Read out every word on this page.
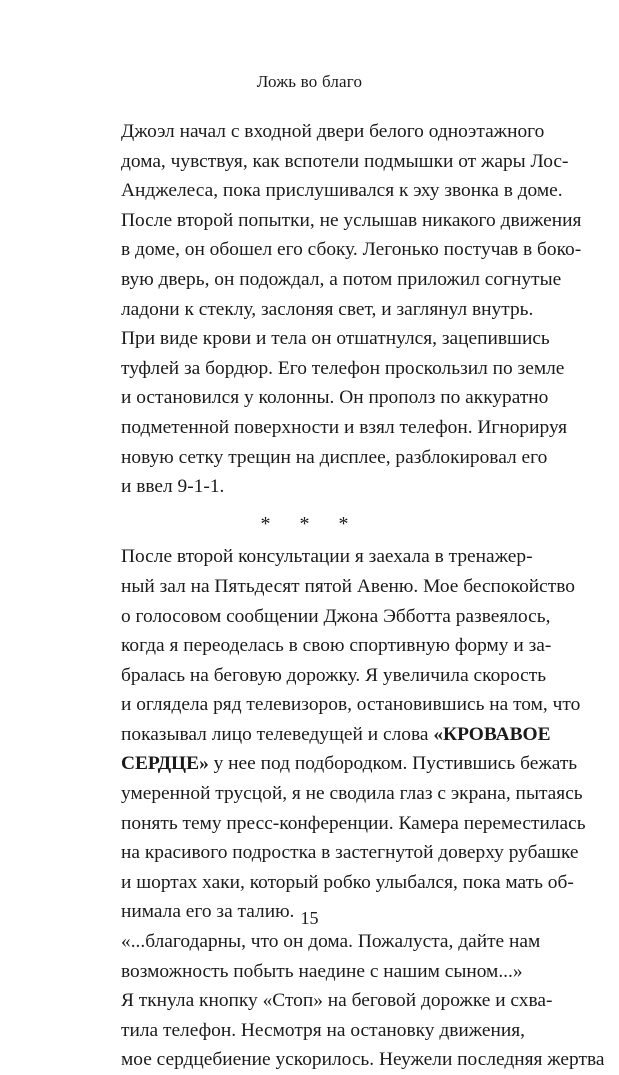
Ложь во благо

Джоэл начал с входной двери белого одноэтажного
дома, чувствуя, как вспотели подмышки от жары Лос-
Анджелеса, пока прислушивался к эху звонка в доме.
После второй попытки, не услышав никакого движения
в доме, он обошел его сбоку. Легонько постучав в боко-
вую дверь, он подождал, а потом приложил согнутые
ладони к стеклу, заслоняя свет, и заглянул внутрь.

При виде крови и тела он отшатнулся, зацепившись
туфлей за бордюр. Его телефон проскользил по земле
и остановился у колонны. Он прополз по аккуратно
подметенной поверхности и взял телефон. Игнорируя
новую сетку трещин на дисплее, разблокировал его
и ввел 9-1-1.

* * *

После второй консультации я заехала в тренажер-
ный зал на Пятьдесят пятой Авеню. Мое беспокойство
о голосовом сообщении Джона Эбботта развеялось,
когда я переоделась в свою спортивную форму и за-
бралась на беговую дорожку. Я увеличила скорость
и оглядела ряд телевизоров, остановившись на том, что
показывал лицо телеведущей и слова «КРОВАВОЕ
СЕРДЦЕ» у нее под подбородком. Пустившись бежать
умеренной трусцой, я не сводила глаз с экрана, пытаясь
понять тему пресс-конференции. Камера переместилась
на красивого подростка в застегнутой доверху рубашке
и шортах хаки, который робко улыбался, пока мать об-
нимала его за талию.

«...благодарны, что он дома. Пожалуста, дайте нам
возможность побыть наедине с нашим сыном...»

Я ткнула кнопку «Стоп» на беговой дорожке и схва-
тила телефон. Несмотря на остановку движения,
мое сердцебиение ускорилось. Неужели последняя жертва

15
